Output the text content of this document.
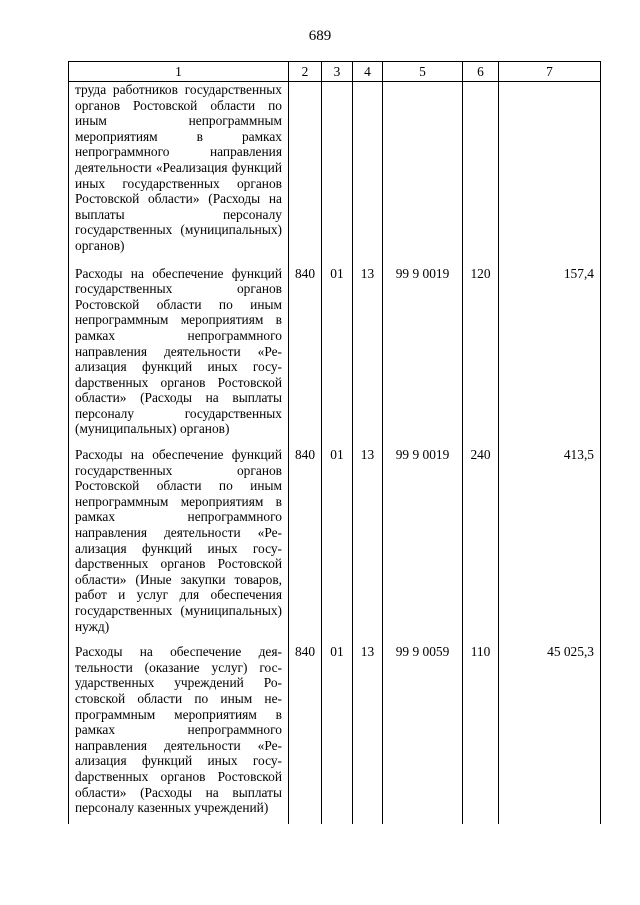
689
1	2	3	4	5	6	7
труда работников государственных органов Ростовской области по иным непрограммным мероприятиям в рамках непрограммного направления деятельности «Реализация функций иных государственных органов Ростовской области» (Расходы на выплаты персоналу государственных (муниципальных) органов)						
Расходы на обеспечение функций государственных органов Ростовской области по иным непрограммным мероприятиям в рамках непрограммного направления деятельности «Реализация функций иных госуdарственных органов Ростовской области» (Расходы на выплаты персоналу государственных (муниципальных) органов)	840	01	13	99 9 0019	120	157,4
Расходы на обеспечение функций государственных органов Ростовской области по иным непрограммным мероприятиям в рамках непрограммного направления деятельности «Реализация функций иных госуdарственных органов Ростовской области» (Иные закупки товаров, работ и услуг для обеспечения государственных (муниципальных) нужд)	840	01	13	99 9 0019	240	413,5
Расходы на обеспечение деятельности (оказание услуг) государственных учреждений Ростовской области по иным непрограммным мероприятиям в рамках непрограммного направления деятельности «Реализация функций иных госуdарственных органов Ростовской области» (Расходы на выплаты персоналу казенных учреждений)	840	01	13	99 9 0059	110	45 025,3
